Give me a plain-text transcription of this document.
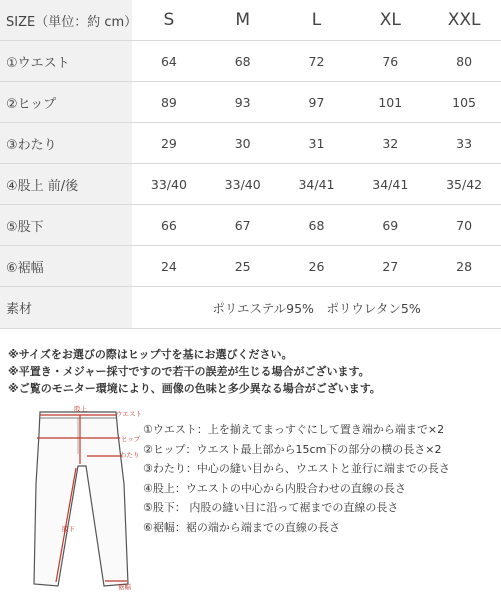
SIZE（単位：約 cm）	S	M	L	XL	XXL
①ウエスト	64	68	72	76	80
②ヒップ	89	93	97	101	105
③わたり	29	30	31	32	33
④股上 前/後	33/40	33/40	34/41	34/41	35/42
⑤股下	66	67	68	69	70
⑥裾幅	24	25	26	27	28
素材	ポリエステル95%　ポリウレタン5%				
※サイズをお選びの際はヒップ寸を基にお選びください。
※平置き・メジャー採寸ですので若干の誤差が生じる場合がございます。
※ご覧のモニター環境により、画像の色味と多少異なる場合がございます。
股上
ウエスト
ヒップ
わたり
股下
裾幅
①ウエスト：上を揃えてまっすぐにして置き端から端まで×2
②ヒップ：ウエスト最上部から15cm下の部分の横の長さ×2
③わたり：中心の縫い目から、ウエストと並行に端までの長さ
④股上：ウエストの中心から内股合わせの直線の長さ
⑤股下： 内股の縫い目に沿って裾までの直線の長さ
⑥裾幅：裾の端から端までの直線の長さ
